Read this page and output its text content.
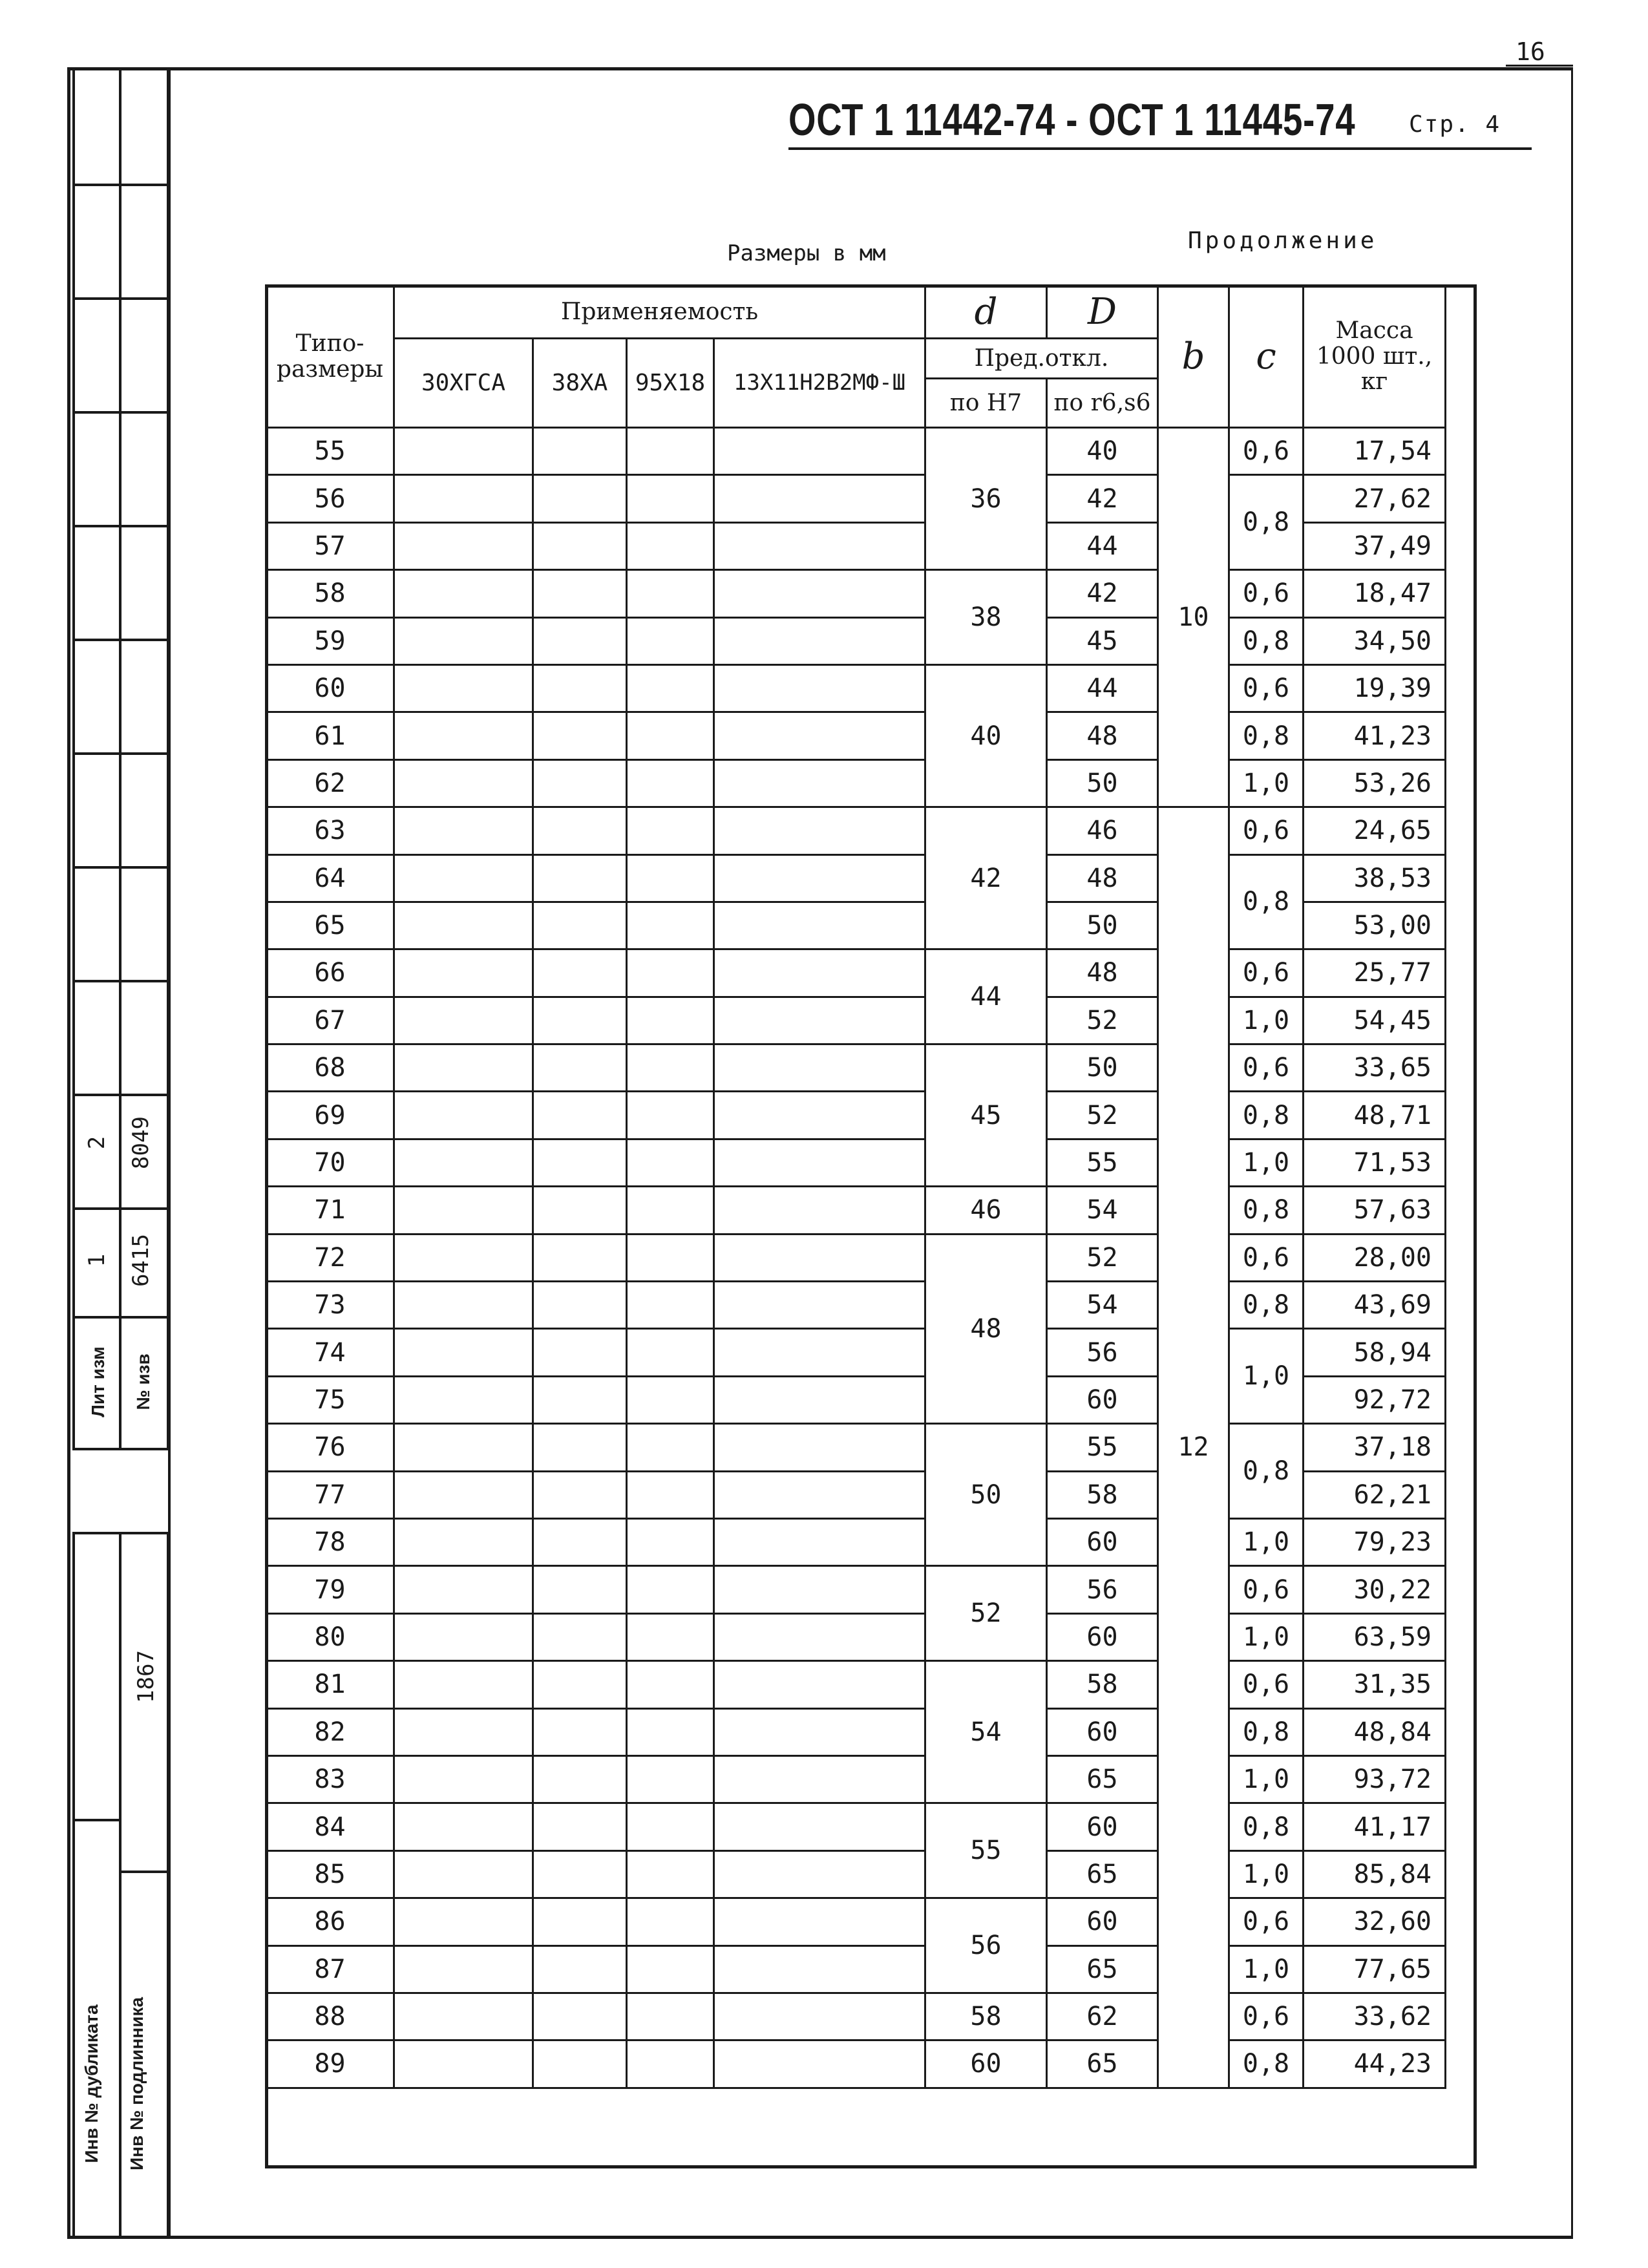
16
ОСТ 1 11442-74 - ОСТ 1 11445-74 Стр. 4
Размеры в мм	Продолжение
2 8049
1 6415
Лит изм	№ изв
1867
Инв № дубликата	Инв № подлинника
Типо-размеры	Применяемость				d	D	b	c	Масса 1000 шт., кг
	30ХГСА	38ХА	95Х18	13Х11Н2В2МФ-Ш	Пред.откл.				
					по Н7	по r6,s6			
55					36	40	10	0,6	17,54
56						42		0,8	27,62
57						44			37,49
58					38	42		0,6	18,47
59						45		0,8	34,50
60					40	44		0,6	19,39
61						48		0,8	41,23
62						50		1,0	53,26
63					42	46	12	0,6	24,65
64						48		0,8	38,53
65						50			53,00
66					44	48		0,6	25,77
67						52		1,0	54,45
68					45	50		0,6	33,65
69						52		0,8	48,71
70						55		1,0	71,53
71					46	54		0,8	57,63
72					48	52		0,6	28,00
73						54		0,8	43,69
74						56		1,0	58,94
75						60			92,72
76					50	55		0,8	37,18
77						58			62,21
78						60		1,0	79,23
79					52	56		0,6	30,22
80						60		1,0	63,59
81					54	58		0,6	31,35
82						60		0,8	48,84
83						65		1,0	93,72
84					55	60		0,8	41,17
85						65		1,0	85,84
86					56	60		0,6	32,60
87						65		1,0	77,65
88					58	62		0,6	33,62
89					60	65		0,8	44,23
